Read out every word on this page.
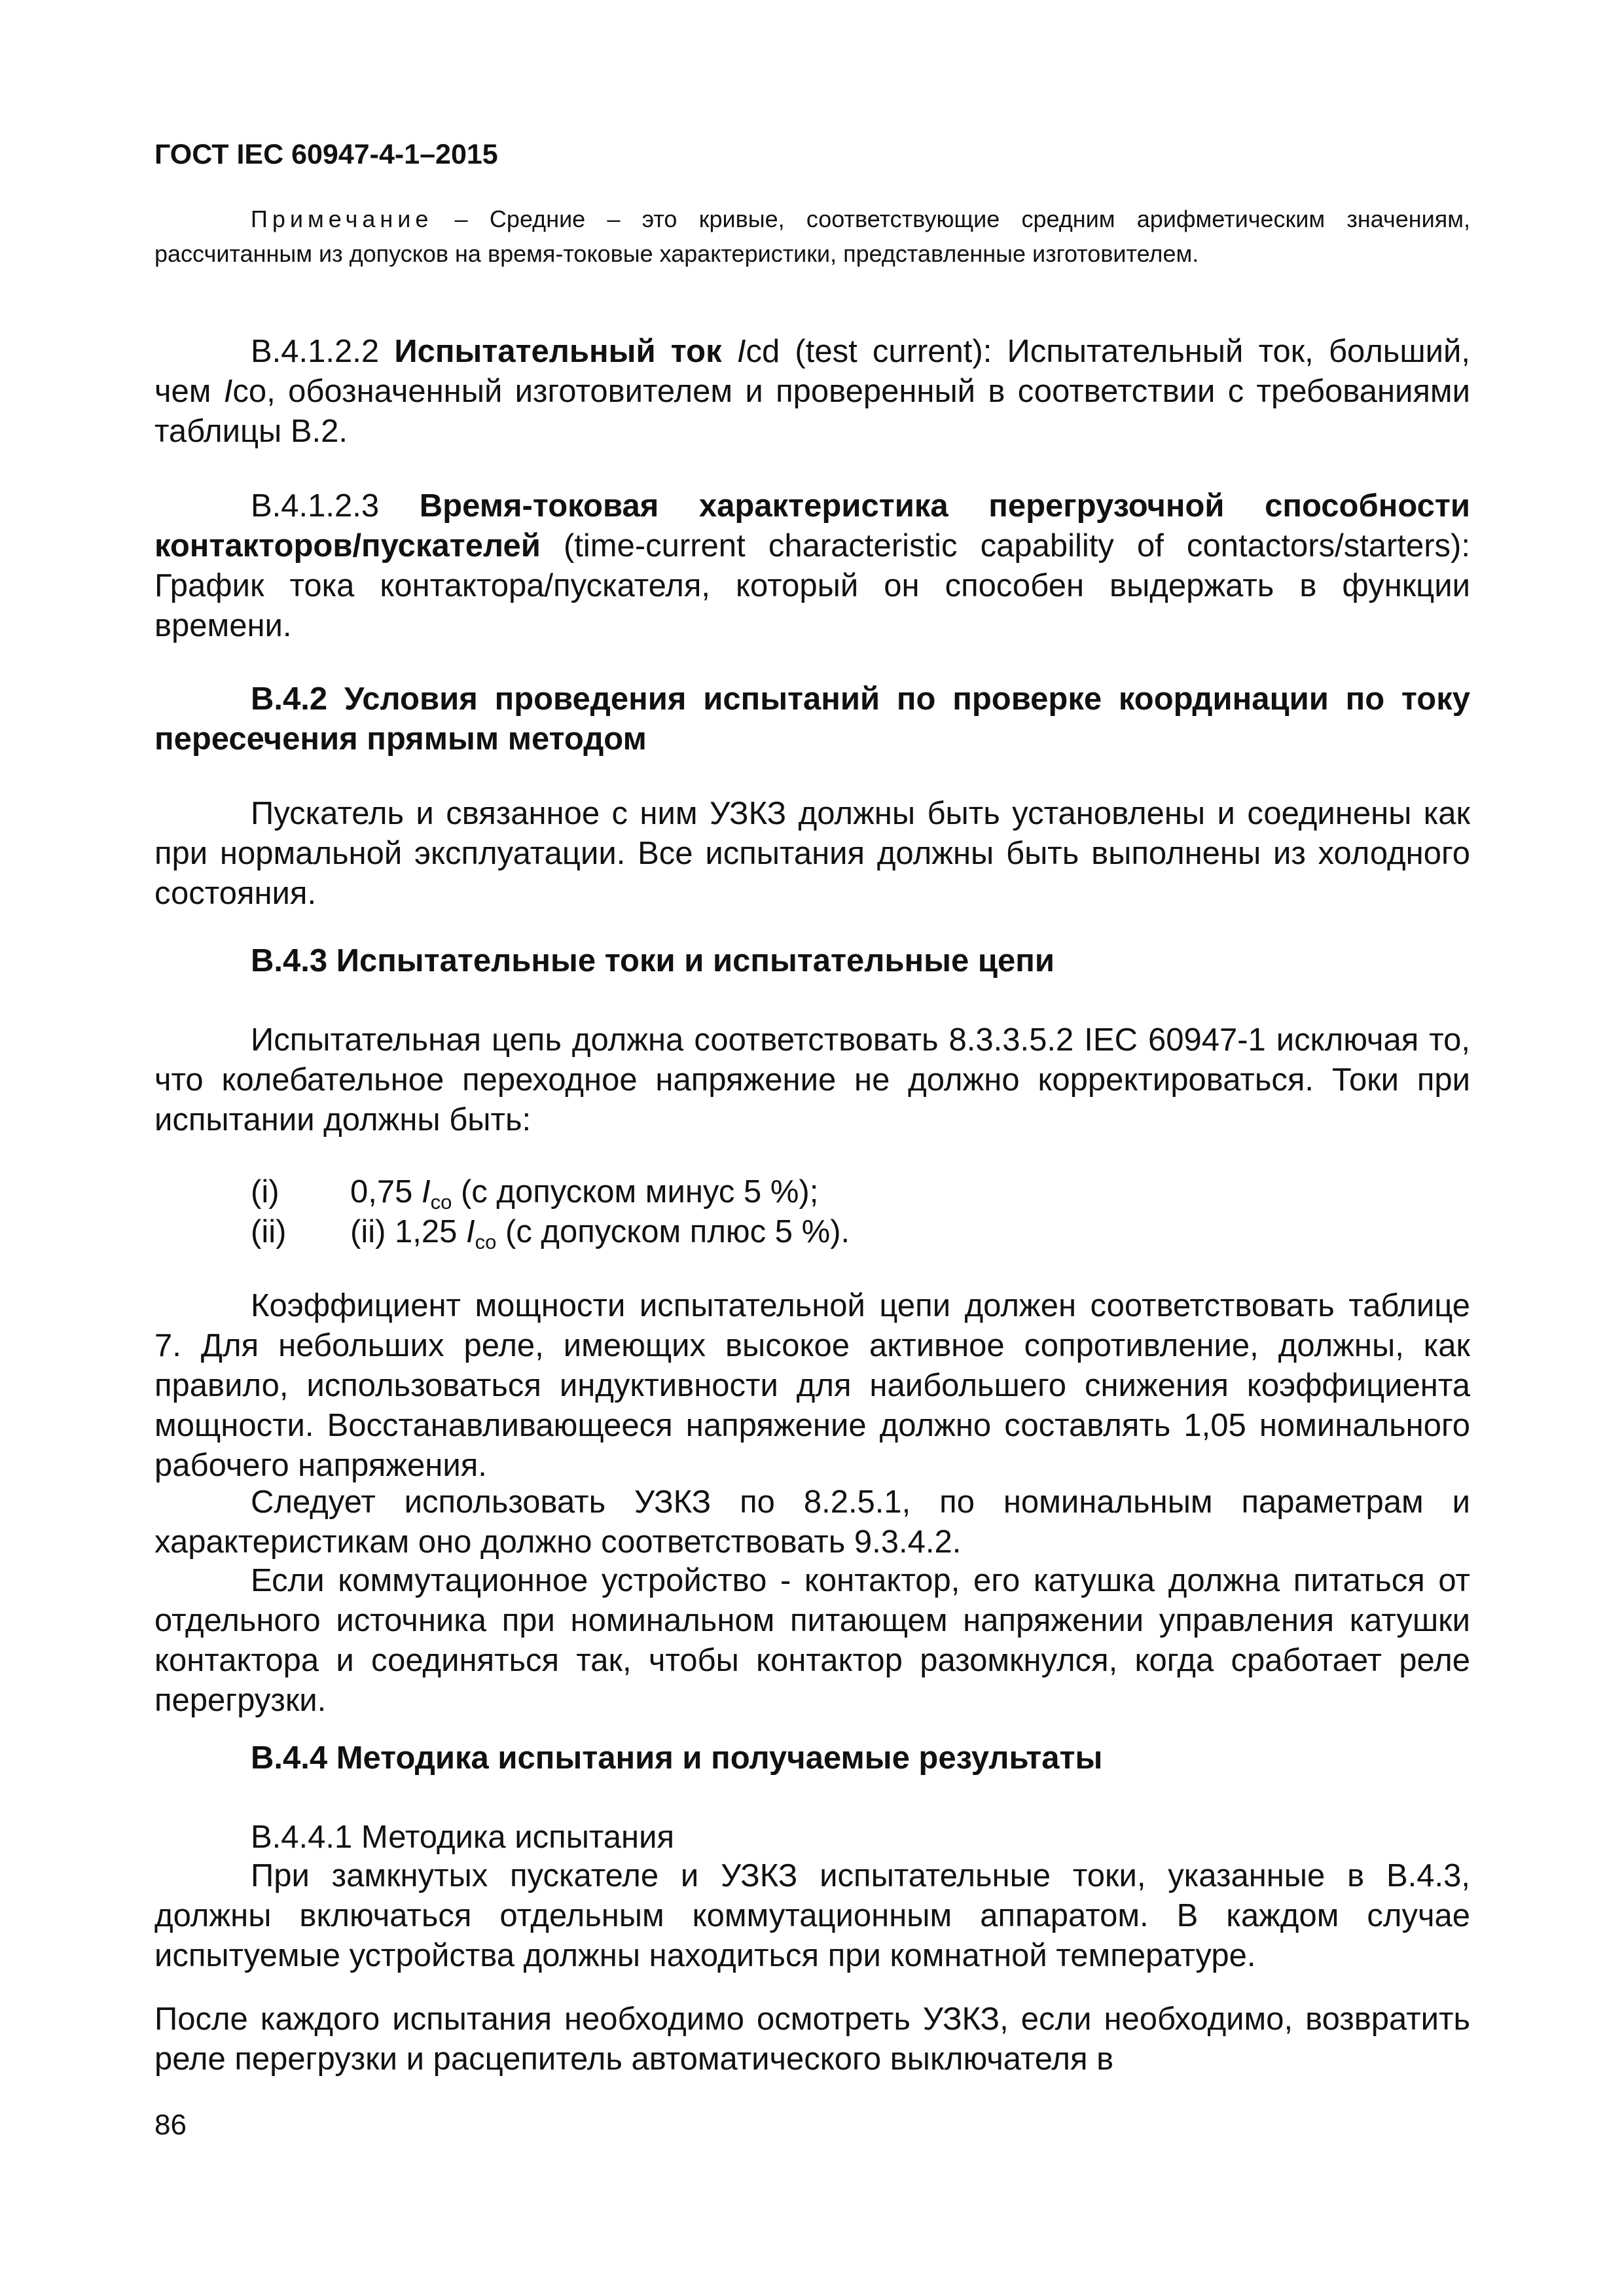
ГОСТ IEC 60947-4-1–2015
Примечание – Средние – это кривые, соответствующие средним арифметическим значениям, рассчитанным из допусков на время-токовые характеристики, представленные изготовителем.
В.4.1.2.2 Испытательный ток Icd (test current): Испытательный ток, больший, чем Ico, обозначенный изготовителем и проверенный в соответствии с требованиями таблицы В.2.
В.4.1.2.3 Время-токовая характеристика перегрузочной способности контакторов/пускателей (time-current characteristic capability of contactors/starters): График тока контактора/пускателя, который он способен выдержать в функции времени.
В.4.2 Условия проведения испытаний по проверке координации по току пересечения прямым методом
Пускатель и связанное с ним УЗКЗ должны быть установлены и соединены как при нормальной эксплуатации. Все испытания должны быть выполнены из холодного состояния.
В.4.3 Испытательные токи и испытательные цепи
Испытательная цепь должна соответствовать 8.3.3.5.2 IEC 60947-1 исключая то, что колебательное переходное напряжение не должно корректироваться. Токи при испытании должны быть:
(i) 0,75 $I_{co}$ (с допуском минус 5 %);
(ii) (ii) 1,25 $I_{co}$ (с допуском плюс 5 %).
Коэффициент мощности испытательной цепи должен соответствовать таблице 7. Для небольших реле, имеющих высокое активное сопротивление, должны, как правило, использоваться индуктивности для наибольшего снижения коэффициента мощности. Восстанавливающееся напряжение должно составлять 1,05 номинального рабочего напряжения.
Следует использовать УЗКЗ по 8.2.5.1, по номинальным параметрам и характеристикам оно должно соответствовать 9.3.4.2.
Если коммутационное устройство - контактор, его катушка должна питаться от отдельного источника при номинальном питающем напряжении управления катушки контактора и соединяться так, чтобы контактор разомкнулся, когда сработает реле перегрузки.
В.4.4 Методика испытания и получаемые результаты
В.4.4.1 Методика испытания
При замкнутых пускателе и УЗКЗ испытательные токи, указанные в В.4.3, должны включаться отдельным коммутационным аппаратом. В каждом случае испытуемые устройства должны находиться при комнатной температуре.
После каждого испытания необходимо осмотреть УЗКЗ, если необходимо, возвратить реле перегрузки и расцепитель автоматического выключателя в
86
